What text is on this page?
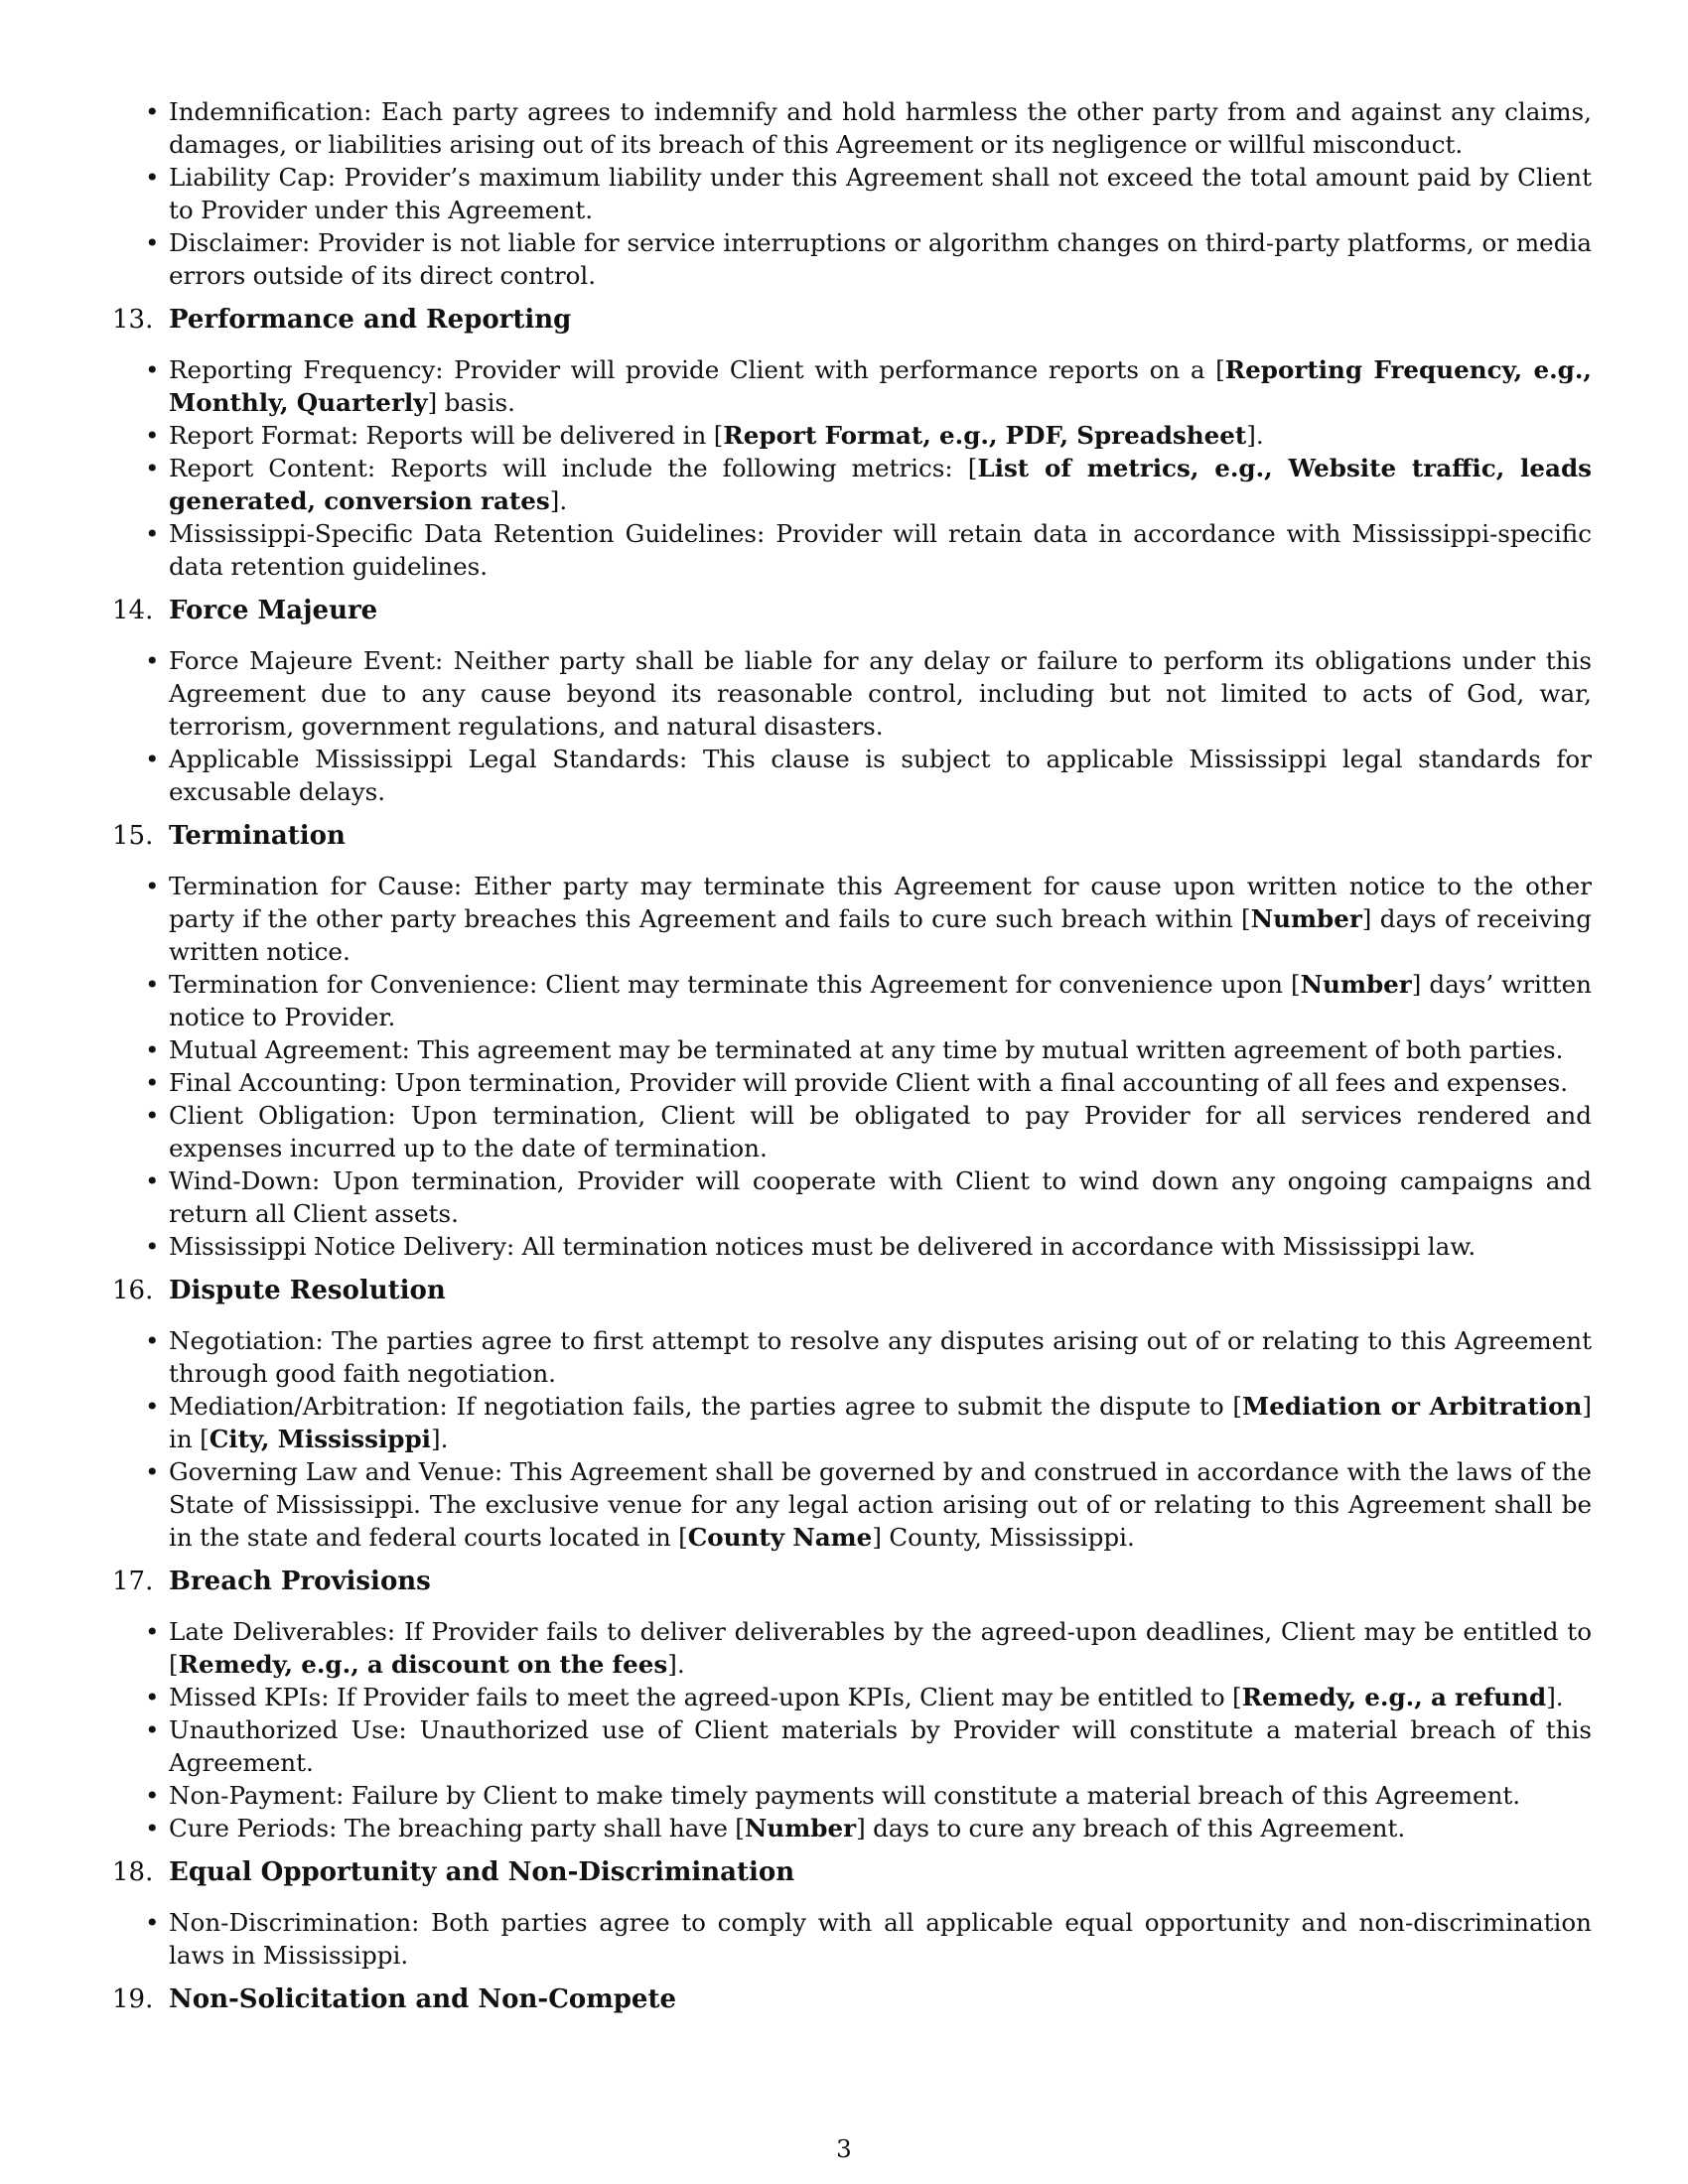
• Indemnification: Each party agrees to indemnify and hold harmless the other party from and against any claims, damages, or liabilities arising out of its breach of this Agreement or its negligence or willful misconduct.
• Liability Cap: Provider’s maximum liability under this Agreement shall not exceed the total amount paid by Client to Provider under this Agreement.
• Disclaimer: Provider is not liable for service interruptions or algorithm changes on third-party platforms, or media errors outside of its direct control.
13. Performance and Reporting
• Reporting Frequency: Provider will provide Client with performance reports on a [Reporting Frequency, e.g., Monthly, Quarterly] basis.
• Report Format: Reports will be delivered in [Report Format, e.g., PDF, Spreadsheet].
• Report Content: Reports will include the following metrics: [List of metrics, e.g., Website traffic, leads generated, conversion rates].
• Mississippi-Specific Data Retention Guidelines: Provider will retain data in accordance with Mississippi-specific data retention guidelines.
14. Force Majeure
• Force Majeure Event: Neither party shall be liable for any delay or failure to perform its obligations under this Agreement due to any cause beyond its reasonable control, including but not limited to acts of God, war, terrorism, government regulations, and natural disasters.
• Applicable Mississippi Legal Standards: This clause is subject to applicable Mississippi legal standards for excusable delays.
15. Termination
• Termination for Cause: Either party may terminate this Agreement for cause upon written notice to the other party if the other party breaches this Agreement and fails to cure such breach within [Number] days of receiving written notice.
• Termination for Convenience: Client may terminate this Agreement for convenience upon [Number] days’ written notice to Provider.
• Mutual Agreement: This agreement may be terminated at any time by mutual written agreement of both parties.
• Final Accounting: Upon termination, Provider will provide Client with a final accounting of all fees and expenses.
• Client Obligation: Upon termination, Client will be obligated to pay Provider for all services rendered and expenses incurred up to the date of termination.
• Wind-Down: Upon termination, Provider will cooperate with Client to wind down any ongoing campaigns and return all Client assets.
• Mississippi Notice Delivery: All termination notices must be delivered in accordance with Mississippi law.
16. Dispute Resolution
• Negotiation: The parties agree to first attempt to resolve any disputes arising out of or relating to this Agreement through good faith negotiation.
• Mediation/Arbitration: If negotiation fails, the parties agree to submit the dispute to [Mediation or Arbitration] in [City, Mississippi].
• Governing Law and Venue: This Agreement shall be governed by and construed in accordance with the laws of the State of Mississippi. The exclusive venue for any legal action arising out of or relating to this Agreement shall be in the state and federal courts located in [County Name] County, Mississippi.
17. Breach Provisions
• Late Deliverables: If Provider fails to deliver deliverables by the agreed-upon deadlines, Client may be entitled to [Remedy, e.g., a discount on the fees].
• Missed KPIs: If Provider fails to meet the agreed-upon KPIs, Client may be entitled to [Remedy, e.g., a refund].
• Unauthorized Use: Unauthorized use of Client materials by Provider will constitute a material breach of this Agreement.
• Non-Payment: Failure by Client to make timely payments will constitute a material breach of this Agreement.
• Cure Periods: The breaching party shall have [Number] days to cure any breach of this Agreement.
18. Equal Opportunity and Non-Discrimination
• Non-Discrimination: Both parties agree to comply with all applicable equal opportunity and non-discrimination laws in Mississippi.
19. Non-Solicitation and Non-Compete
3
